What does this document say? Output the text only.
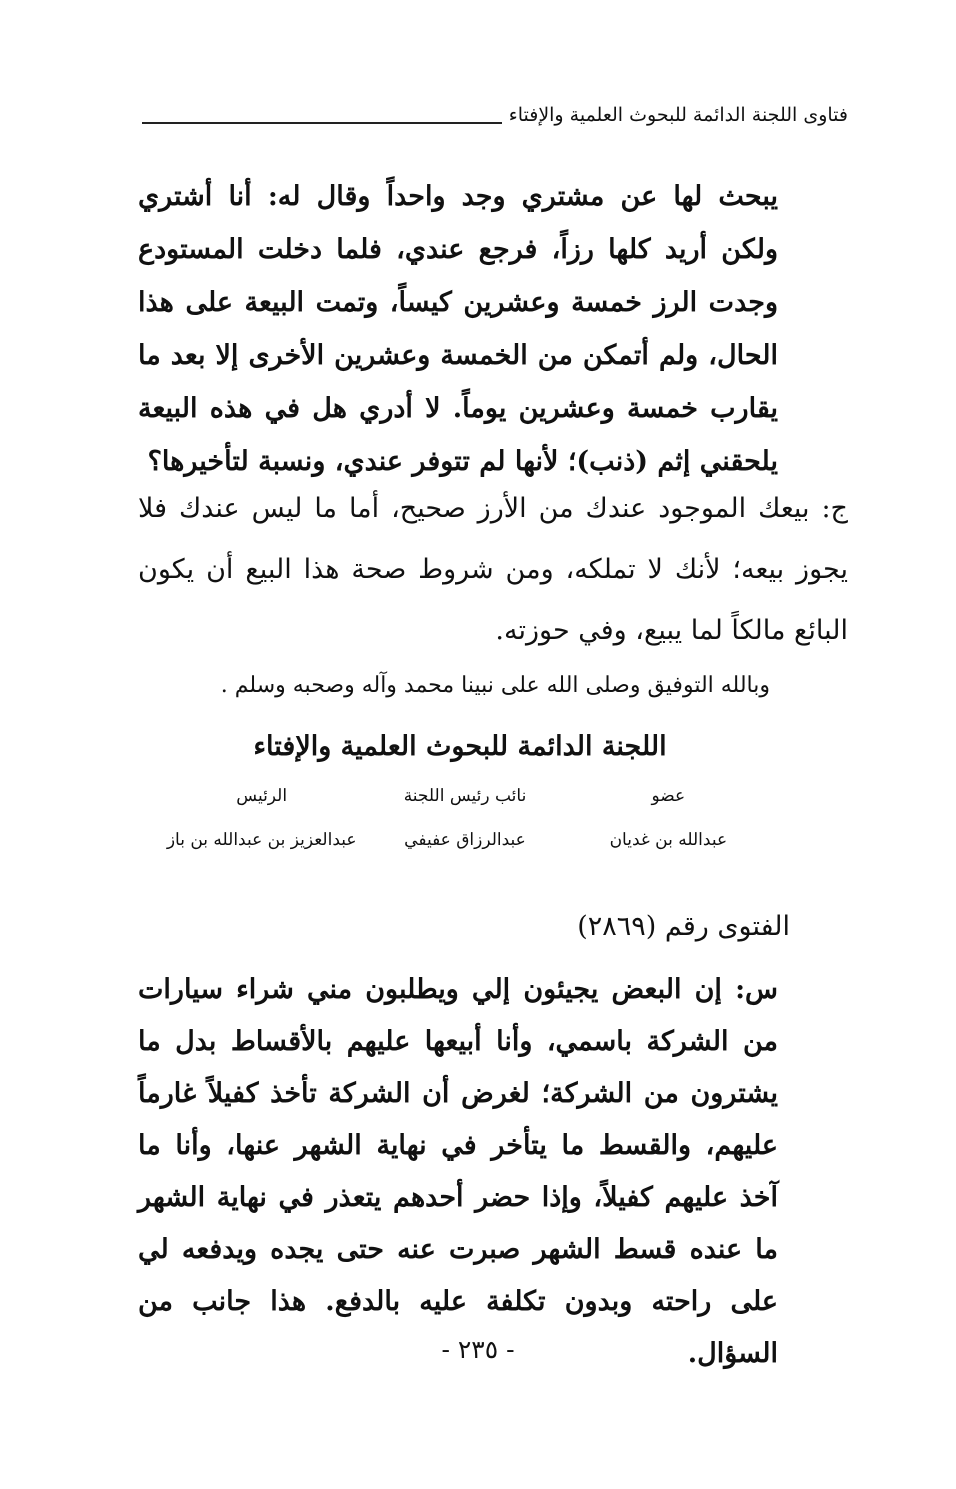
فتاوى اللجنة الدائمة للبحوث العلمية والإفتاء
يبحث لها عن مشتري وجد واحداً وقال له: أنا أشتري ولكن أريد كلها رزاً، فرجع عندي، فلما دخلت المستودع وجدت الرز خمسة وعشرين كيساً، وتمت البيعة على هذا الحال، ولم أتمكن من الخمسة وعشرين الأخرى إلا بعد ما يقارب خمسة وعشرين يوماً. لا أدري هل في هذه البيعة يلحقني إثم (ذنب)؛ لأنها لم تتوفر عندي، ونسبة لتأخيرها؟
ج: بيعك الموجود عندك من الأرز صحيح، أما ما ليس عندك فلا يجوز بيعه؛ لأنك لا تملكه، ومن شروط صحة هذا البيع أن يكون البائع مالكاً لما يبيع، وفي حوزته.
وبالله التوفيق وصلى الله على نبينا محمد وآله وصحبه وسلم .
اللجنة الدائمة للبحوث العلمية والإفتاء
عضو
نائب رئيس اللجنة
الرئيس
عبدالله بن غديان
عبدالرزاق عفيفي
عبدالعزيز بن عبدالله بن باز
الفتوى رقم (٢٨٦٩)
س: إن البعض يجيئون إلي ويطلبون مني شراء سيارات من الشركة باسمي، وأنا أبيعها عليهم بالأقساط بدل ما يشترون من الشركة؛ لغرض أن الشركة تأخذ كفيلاً غارماً عليهم، والقسط ما يتأخر في نهاية الشهر عنها، وأنا ما آخذ عليهم كفيلاً، وإذا حضر أحدهم يتعذر في نهاية الشهر ما عنده قسط الشهر صبرت عنه حتى يجده ويدفعه لي على راحته وبدون تكلفة عليه بالدفع. هذا جانب من السؤال.
- ٢٣٥ -
